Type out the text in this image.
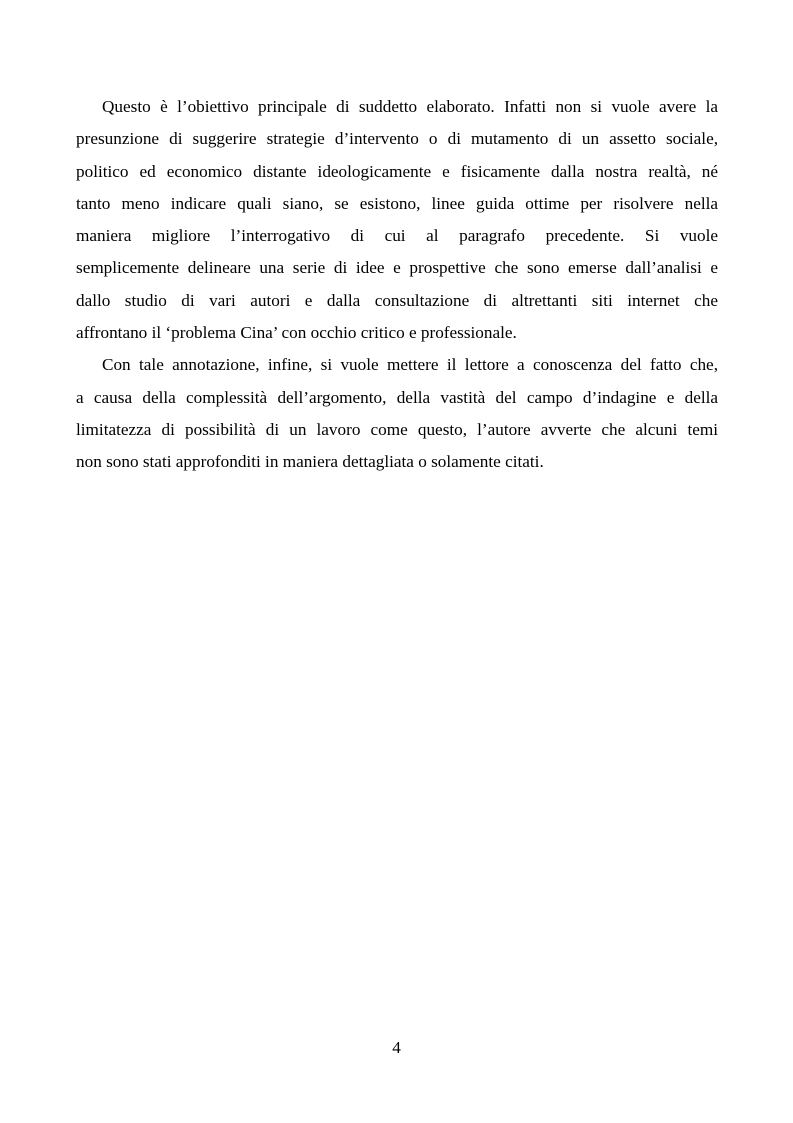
Questo è l’obiettivo principale di suddetto elaborato. Infatti non si vuole avere la
presunzione di suggerire strategie d’intervento o di mutamento di un assetto sociale,
politico ed economico distante ideologicamente e fisicamente dalla nostra realtà, né
tanto meno indicare quali siano, se esistono, linee guida ottime per risolvere nella
maniera migliore l’interrogativo di cui al paragrafo precedente. Si vuole
semplicemente delineare una serie di idee e prospettive che sono emerse dall’analisi e
dallo studio di vari autori e dalla consultazione di altrettanti siti internet che
affrontano il ‘problema Cina’ con occhio critico e professionale.
Con tale annotazione, infine, si vuole mettere il lettore a conoscenza del fatto che,
a causa della complessità dell’argomento, della vastità del campo d’indagine e della
limitatezza di possibilità di un lavoro come questo, l’autore avverte che alcuni temi
non sono stati approfonditi in maniera dettagliata o solamente citati.
4
